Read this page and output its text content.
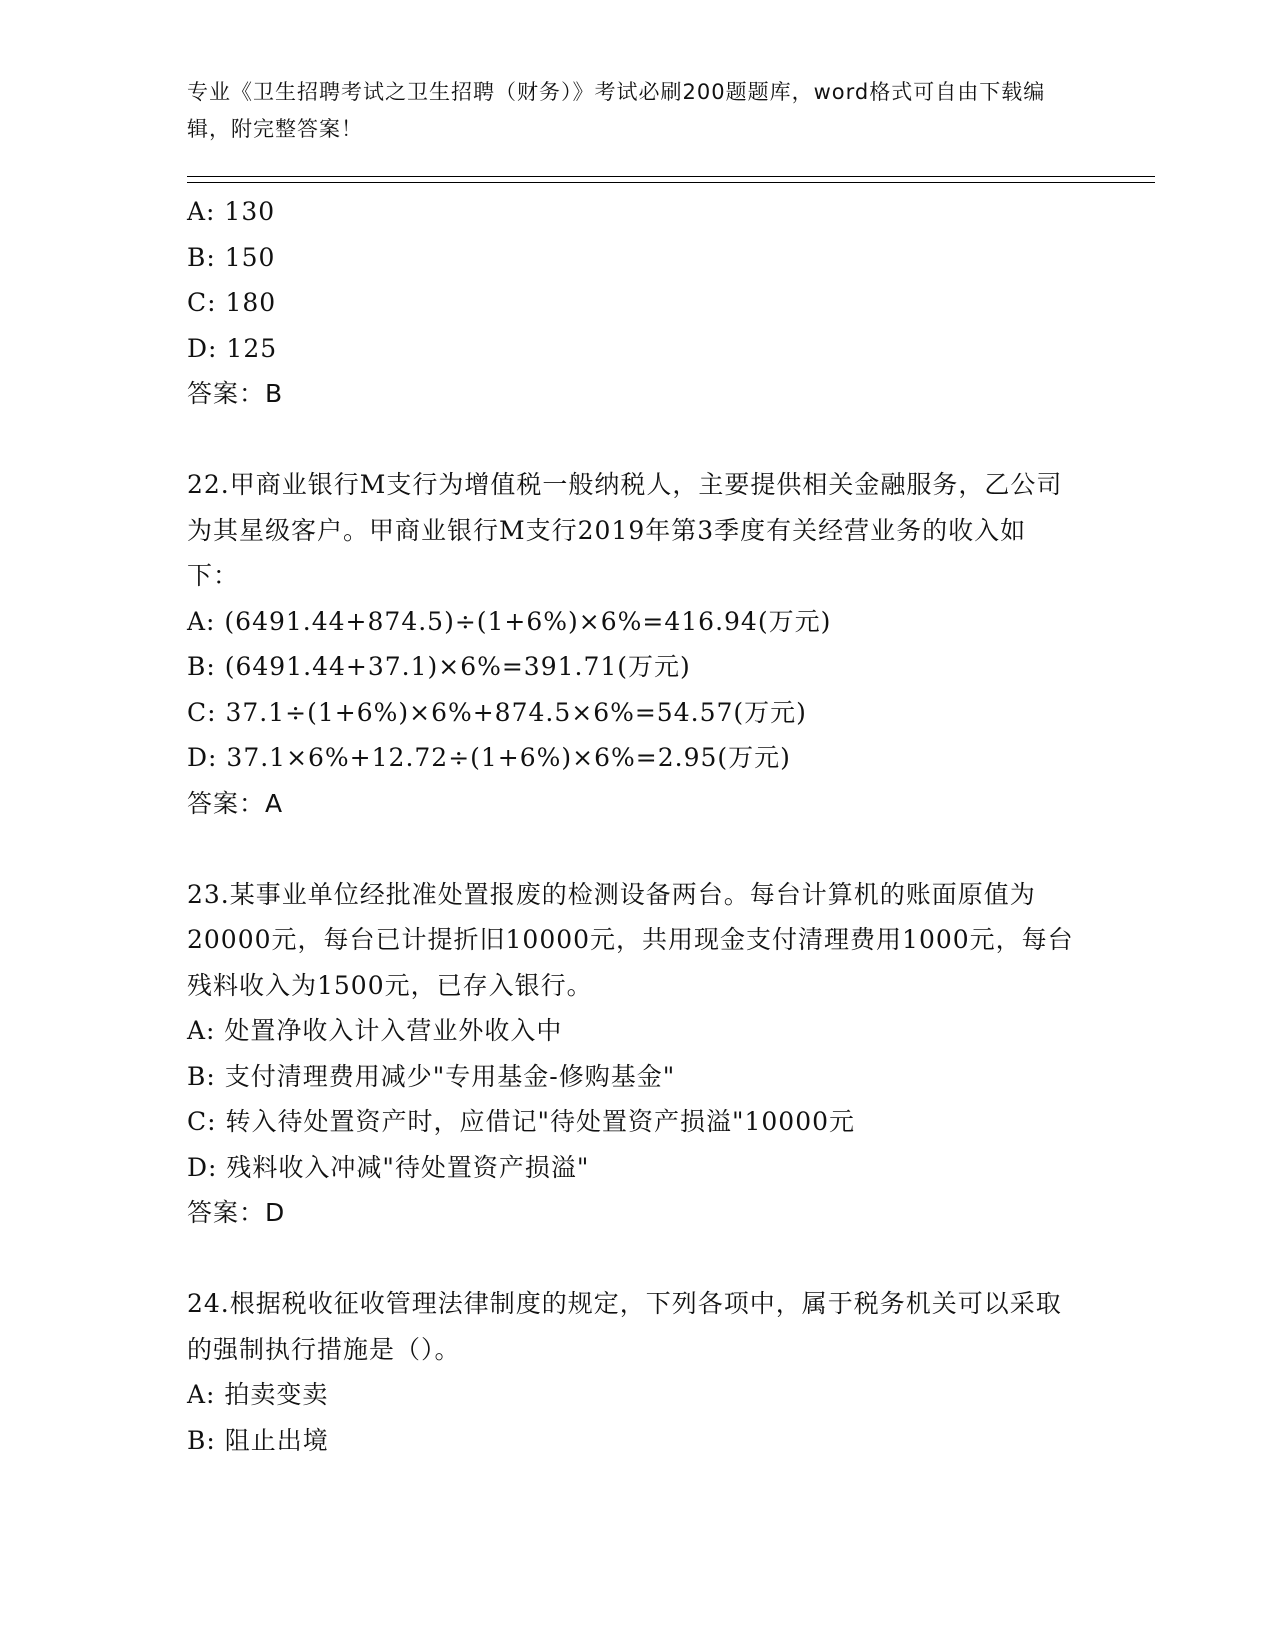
专业《卫生招聘考试之卫生招聘（财务）》考试必刷200题题库，word格式可自由下载编辑，附完整答案！
A: 130
B: 150
C: 180
D: 125
答案：B
22.甲商业银行M支行为增值税一般纳税人，主要提供相关金融服务，乙公司为其星级客户。甲商业银行M支行2019年第3季度有关经营业务的收入如下：
A: (6491.44+874.5)÷(1+6%)×6%=416.94(万元)
B: (6491.44+37.1)×6%=391.71(万元)
C: 37.1÷(1+6%)×6%+874.5×6%=54.57(万元)
D: 37.1×6%+12.72÷(1+6%)×6%=2.95(万元)
答案：A
23.某事业单位经批准处置报废的检测设备两台。每台计算机的账面原值为20000元，每台已计提折旧10000元，共用现金支付清理费用1000元，每台残料收入为1500元，已存入银行。
A: 处置净收入计入营业外收入中
B: 支付清理费用减少"专用基金-修购基金"
C: 转入待处置资产时，应借记"待处置资产损溢"10000元
D: 残料收入冲减"待处置资产损溢"
答案：D
24.根据税收征收管理法律制度的规定，下列各项中，属于税务机关可以采取的强制执行措施是（）。
A: 拍卖变卖
B: 阻止出境
